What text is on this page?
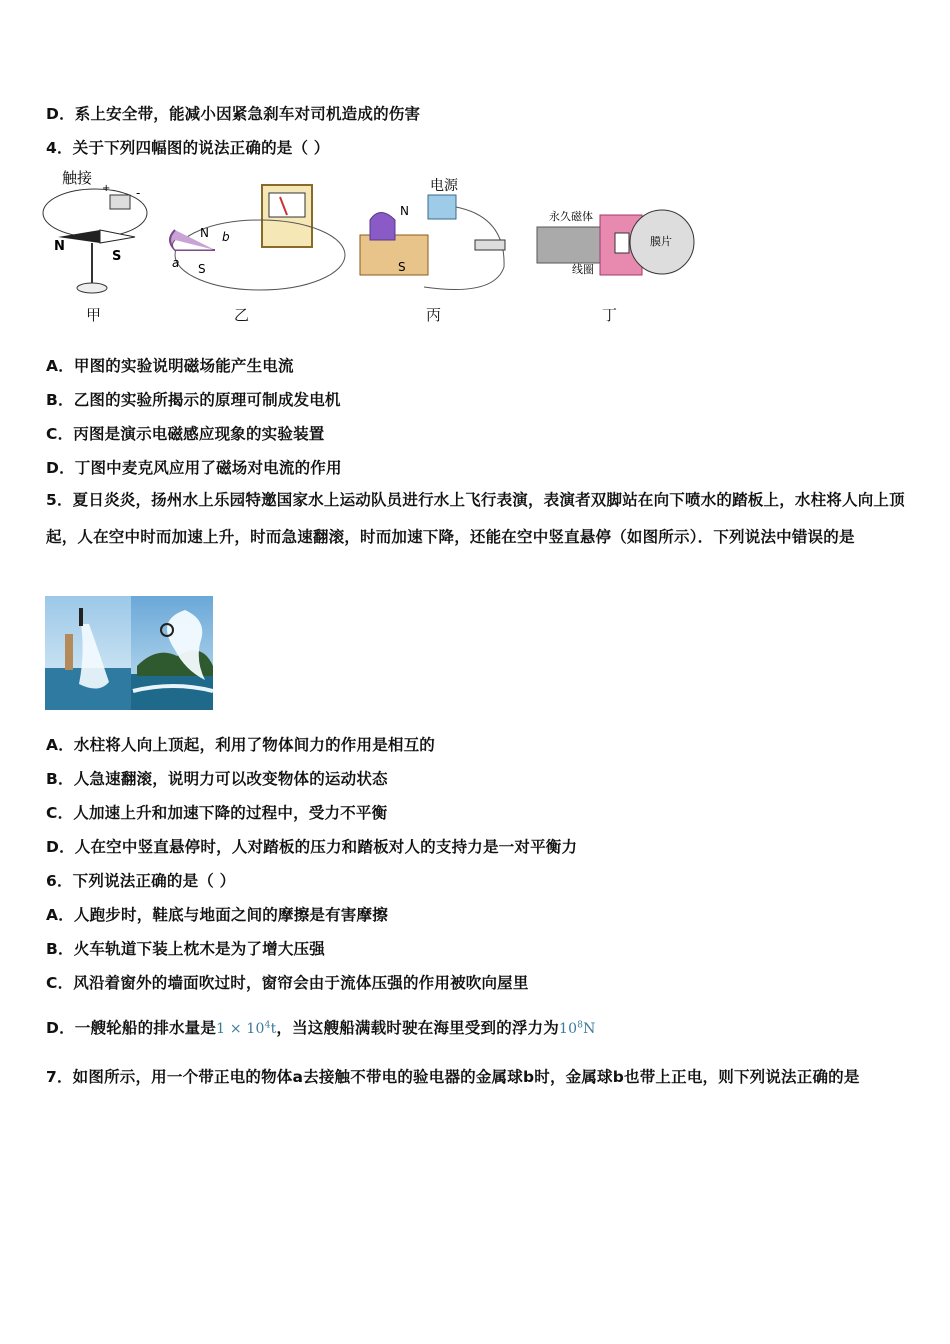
D．系上安全带，能减小因紧急刹车对司机造成的伤害
4．关于下列四幅图的说法正确的是（ ）
触接
+ -
N
S
N
S
a
b
电源
N
S
永久磁体
膜片
线圈
甲	乙	丙	丁
A．甲图的实验说明磁场能产生电流
B．乙图的实验所揭示的原理可制成发电机
C．丙图是演示电磁感应现象的实验装置
D．丁图中麦克风应用了磁场对电流的作用
5．夏日炎炎，扬州水上乐园特邀国家水上运动队员进行水上飞行表演，表演者双脚站在向下喷水的踏板上，水柱将人向上顶起，人在空中时而加速上升，时而急速翻滚，时而加速下降，还能在空中竖直悬停（如图所示）．下列说法中错误的是
A．水柱将人向上顶起，利用了物体间力的作用是相互的
B．人急速翻滚，说明力可以改变物体的运动状态
C．人加速上升和加速下降的过程中，受力不平衡
D．人在空中竖直悬停时，人对踏板的压力和踏板对人的支持力是一对平衡力
6．下列说法正确的是（ ）
A．人跑步时，鞋底与地面之间的摩擦是有害摩擦
B．火车轨道下装上枕木是为了增大压强
C．风沿着窗外的墙面吹过时，窗帘会由于流体压强的作用被吹向屋里
D．一艘轮船的排水量是$1 \times 10^4t$，当这艘船满载时驶在海里受到的浮力为$10^8N$
7．如图所示，用一个带正电的物体a去接触不带电的验电器的金属球b时，金属球b也带上正电，则下列说法正确的是
